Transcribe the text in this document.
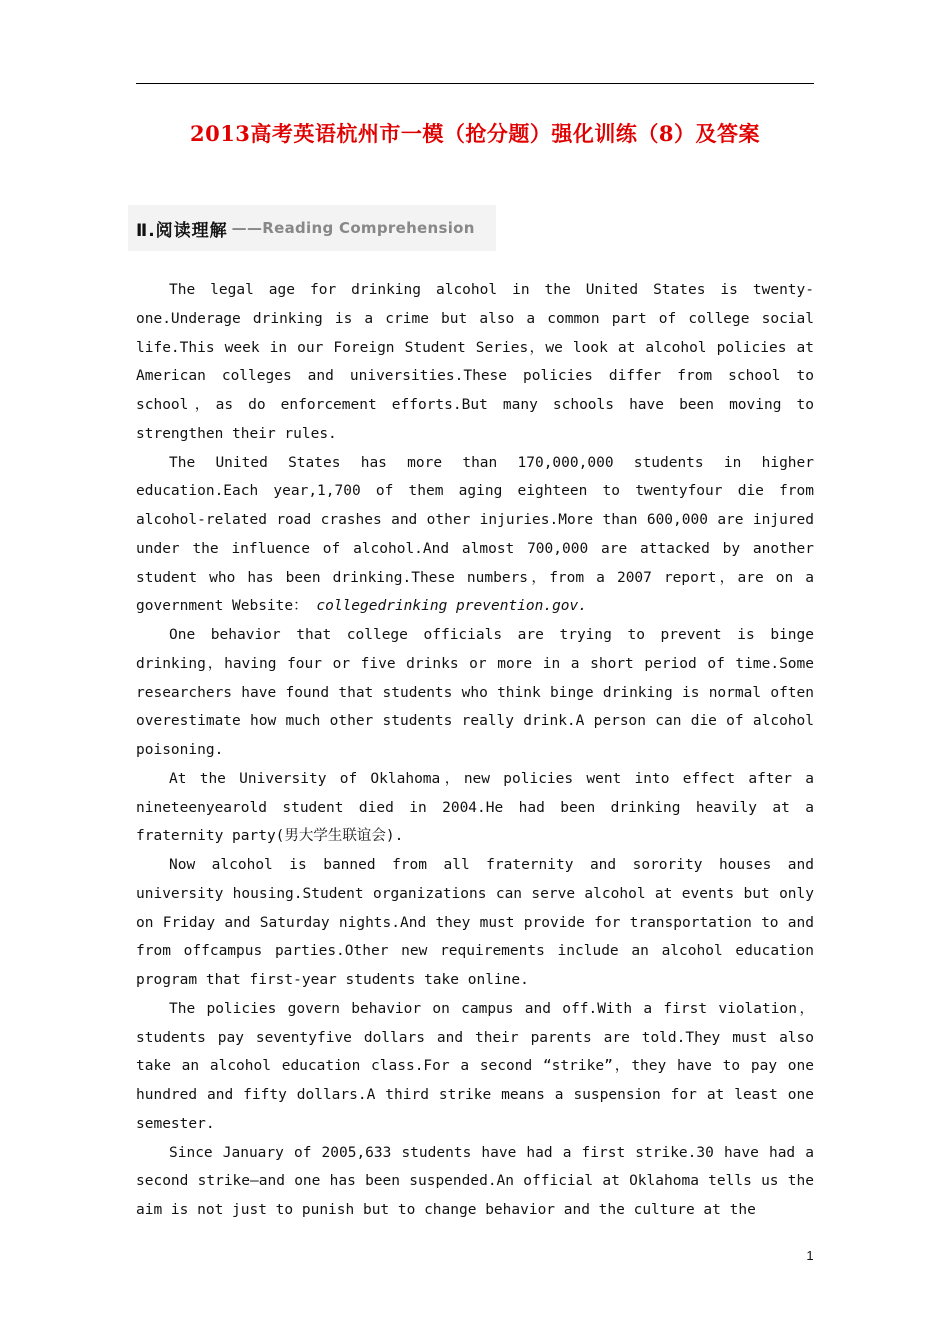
2013高考英语杭州市一模（抢分题）强化训练（8）及答案
Ⅱ.阅读理解 ——Reading Comprehension

The legal age for drinking alcohol in the United States is twenty-one.Underage drinking is a crime but also a common part of college social life.This week in our Foreign Student Series，we look at alcohol policies at American colleges and universities.These policies differ from school to school，as do enforcement efforts.But many schools have been moving to strengthen their rules.

The United States has more than 170,000,000 students in higher education.Each year,1,700 of them aging eighteen to twentyfour die from alcohol-related road crashes and other injuries.More than 600,000 are injured under the influence of alcohol.And almost 700,000 are attacked by another student who has been drinking.These numbers，from a 2007 report，are on a government Website： collegedrinking prevention.gov.

One behavior that college officials are trying to prevent is binge drinking，having four or five drinks or more in a short period of time.Some researchers have found that students who think binge drinking is normal often overestimate how much other students really drink.A person can die of alcohol poisoning.

At the University of Oklahoma，new policies went into effect after a nineteenyearold student died in 2004.He had been drinking heavily at a fraternity party(男大学生联谊会).

Now alcohol is banned from all fraternity and sorority houses and university housing.Student organizations can serve alcohol at events but only on Friday and Saturday nights.And they must provide for transportation to and from offcampus parties.Other new requirements include an alcohol education program that first-year students take online.

The policies govern behavior on campus and off.With a first violation，students pay seventyfive dollars and their parents are told.They must also take an alcohol education class.For a second “strike”，they have to pay one hundred and fifty dollars.A third strike means a suspension for at least one semester.

Since January of 2005,633 students have had a first strike.30 have had a second strike—and one has been suspended.An official at Oklahoma tells us the aim is not just to punish but to change behavior and the culture at the

1
